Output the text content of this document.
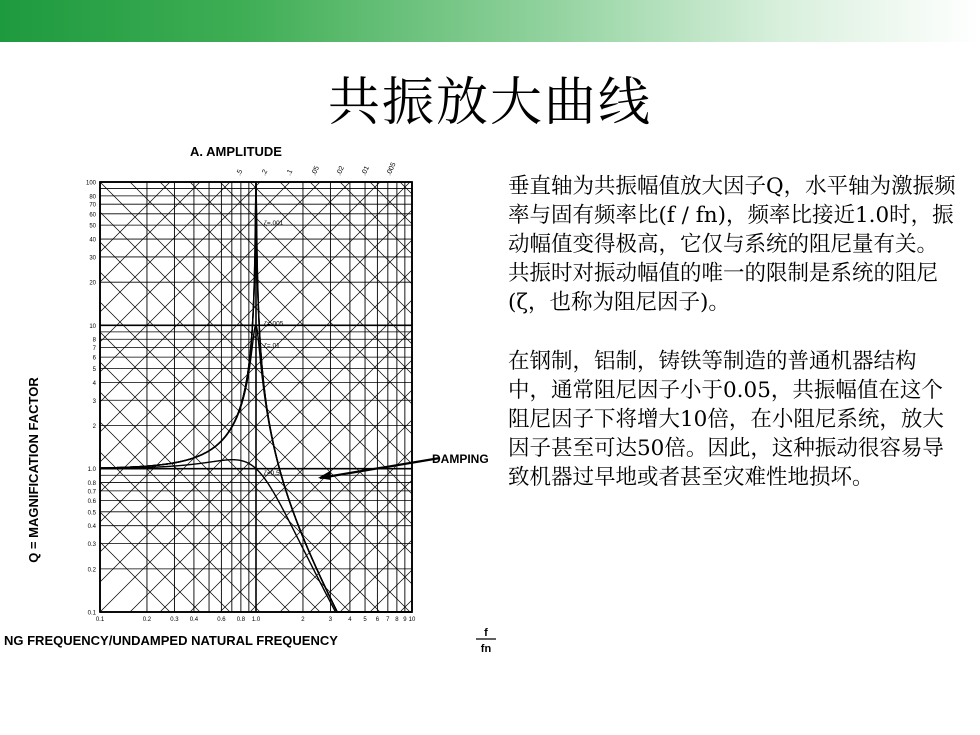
共振放大曲线
100
80
70
60
50
40
30
20
10
8
7
6
5
4
3
2
1.0
0.8
0.7
0.6
0.5
0.4
0.3
0.2
0.1
0.1	0.2	0.3 0.4	0.6 0.8 1.0	2	3	4 5 6 7 8 9 10
.5 .2 .1 .05 .02 .01 .005
ζ=.001
ζ=.005
ζ=.01
ζ=0.5
A. AMPLITUDE
Q = MAGNIFICATION FACTOR
NG FREQUENCY/UNDAMPED NATURAL FREQUENCY	f
fn
DAMPING

垂直轴为共振幅值放大因子Q，水平轴为激振频率与固有频率比(f / fn)，频率比接近1.0时，振动幅值变得极高，它仅与系统的阻尼量有关。共振时对振动幅值的唯一的限制是系统的阻尼(ζ，也称为阻尼因子)。

在钢制，铝制，铸铁等制造的普通机器结构中，通常阻尼因子小于0.05，共振幅值在这个阻尼因子下将增大10倍，在小阻尼系统，放大因子甚至可达50倍。因此，这种振动很容易导致机器过早地或者甚至灾难性地损坏。
